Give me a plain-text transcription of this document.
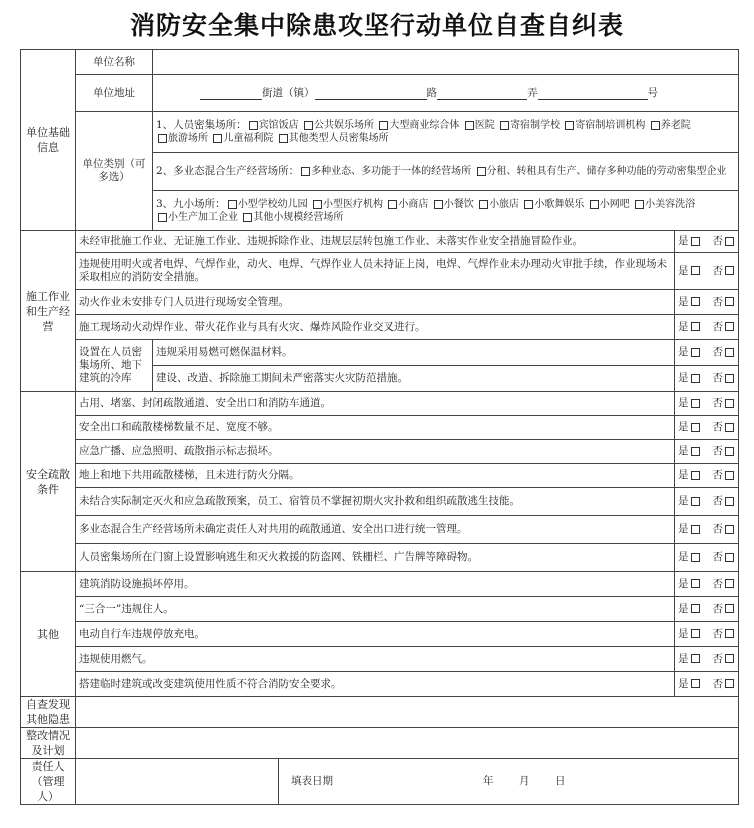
消防安全集中除患攻坚行动单位自查自纠表
单位基础信息	单位名称			
	单位地址	街道（镇） 路 弄 号		
	单位类别（可多选）	1、人员密集场所： 宾馆饭店 公共娱乐场所 大型商业综合体 医院 寄宿制学校 寄宿制培训机构 养老院 旅游场所 儿童福利院 其他类型人员密集场所		

		2、多业态混合生产经营场所： 多种业态、多功能于一体的经营场所 分租、转租具有生产、储存多种功能的劳动密集型企业		

		3、九小场所： 小型学校幼儿园 小型医疗机构 小商店 小餐饮 小旅店 小歌舞娱乐 小网吧 小美容洗浴 小生产加工企业 其他小规模经营场所		

施工作业和生产经营	未经审批施工作业、无证施工作业、违规拆除作业、违规层层转包施工作业、未落实作业安全措施冒险作业。			是 否
	违规使用明火或者电焊、气焊作业，动火、电焊、气焊作业人员未持证上岗，电焊、气焊作业未办理动火审批手续，作业现场未采取相应的消防安全措施。			是 否
	动火作业未安排专门人员进行现场安全管理。			是 否
	施工现场动火动焊作业、带火花作业与具有火灾、爆炸风险作业交叉进行。			是 否
	设置在人员密集场所、地下建筑的冷库	违规采用易燃可燃保温材料。		是 否
		建设、改造、拆除施工期间未严密落实火灾防范措施。		是 否
安全疏散条件	占用、堵塞、封闭疏散通道、安全出口和消防车通道。			是 否
	安全出口和疏散楼梯数量不足、宽度不够。			是 否
	应急广播、应急照明、疏散指示标志损坏。			是 否
	地上和地下共用疏散楼梯，且未进行防火分隔。			是 否
	未结合实际制定灭火和应急疏散预案，员工、宿管员不掌握初期火灾扑救和组织疏散逃生技能。			是 否
	多业态混合生产经营场所未确定责任人对共用的疏散通道、安全出口进行统一管理。			是 否
	人员密集场所在门窗上设置影响逃生和灭火救援的防盗网、铁栅栏、广告牌等障碍物。			是 否
其他	建筑消防设施损坏停用。			是 否
	“三合一”违规住人。			是 否
	电动自行车违规停放充电。			是 否
	违规使用燃气。			是 否
	搭建临时建筑或改变建筑使用性质不符合消防安全要求。			是 否
自查发现其他隐患				
整改情况及计划				
责任人（管理人）			填表日期 年 月 日	
